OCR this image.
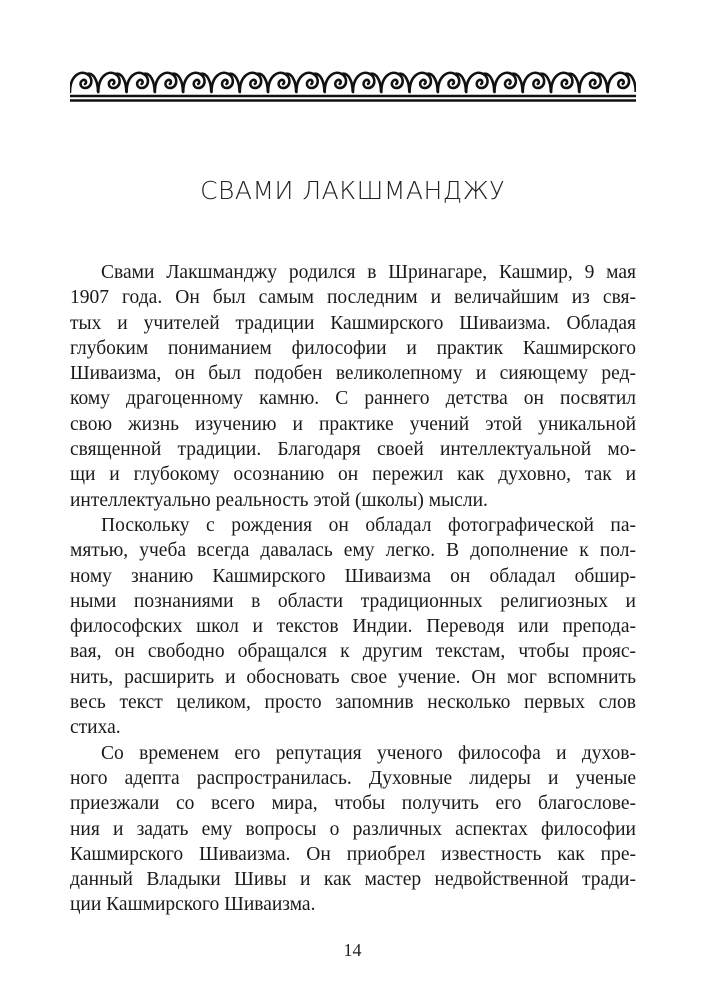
СВАМИ ЛАКШМАНДЖУ
Свами Лакшманджу родился в Шринагаре, Кашмир, 9 мая
1907 года. Он был самым последним и величайшим из свя-
тых и учителей традиции Кашмирского Шиваизма. Обладая
глубоким пониманием философии и практик Кашмирского
Шиваизма, он был подобен великолепному и сияющему ред-
кому драгоценному камню. С раннего детства он посвятил
свою жизнь изучению и практике учений этой уникальной
священной традиции. Благодаря своей интеллектуальной мо-
щи и глубокому осознанию он пережил как духовно, так и
интеллектуально реальность этой (школы) мысли.
Поскольку с рождения он обладал фотографической па-
мятью, учеба всегда давалась ему легко. В дополнение к пол-
ному знанию Кашмирского Шиваизма он обладал обшир-
ными познаниями в области традиционных религиозных и
философских школ и текстов Индии. Переводя или препода-
вая, он свободно обращался к другим текстам, чтобы прояс-
нить, расширить и обосновать свое учение. Он мог вспомнить
весь текст целиком, просто запомнив несколько первых слов
стиха.
Со временем его репутация ученого философа и духов-
ного адепта распространилась. Духовные лидеры и ученые
приезжали со всего мира, чтобы получить его благослове-
ния и задать ему вопросы о различных аспектах философии
Кашмирского Шиваизма. Он приобрел известность как пре-
данный Владыки Шивы и как мастер недвойственной тради-
ции Кашмирского Шиваизма.
14
